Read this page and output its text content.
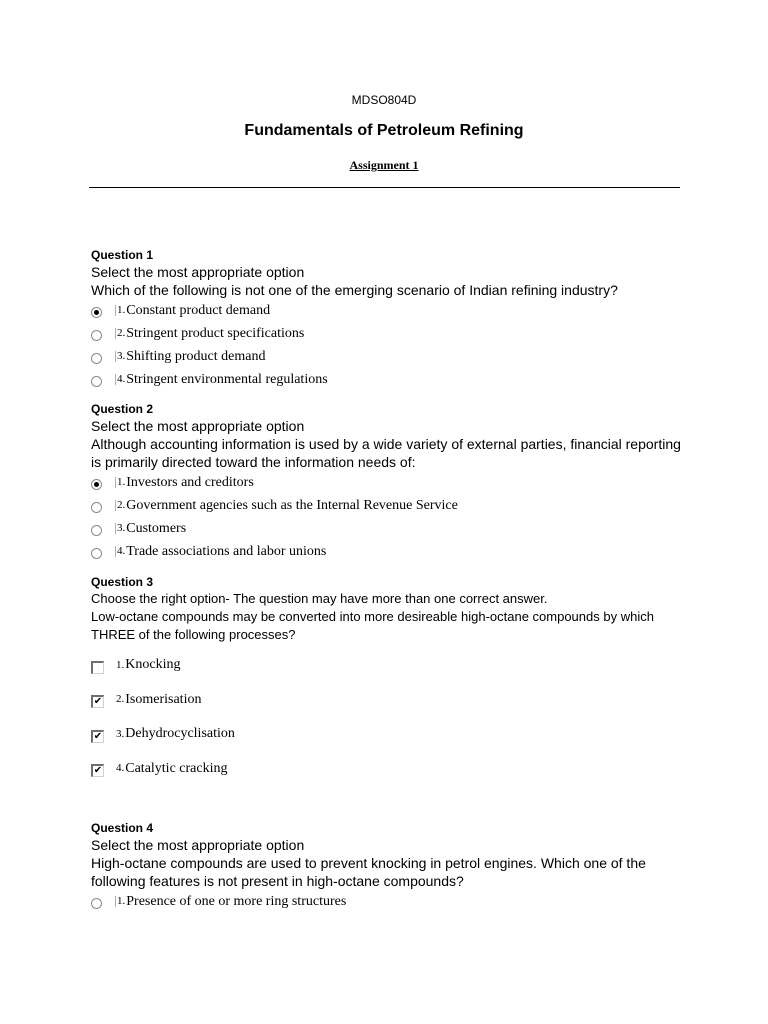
MDSO804D
Fundamentals of Petroleum Refining
Assignment 1
Question 1
Select the most appropriate option
Which of the following is not one of the emerging scenario of Indian refining industry?
1. Constant product demand
2. Stringent product specifications
3. Shifting product demand
4. Stringent environmental regulations
Question 2
Select the most appropriate option
Although accounting information is used by a wide variety of external parties, financial reporting is primarily directed toward the information needs of:
1. Investors and creditors
2. Government agencies such as the Internal Revenue Service
3. Customers
4. Trade associations and labor unions
Question 3
Choose the right option- The question may have more than one correct answer.
Low-octane compounds may be converted into more desireable high-octane compounds by which THREE of the following processes?
1. Knocking
✔ 2. Isomerisation
✔ 3. Dehydrocyclisation
✔ 4. Catalytic cracking
Question 4
Select the most appropriate option
High-octane compounds are used to prevent knocking in petrol engines. Which one of the following features is not present in high-octane compounds?
1. Presence of one or more ring structures
